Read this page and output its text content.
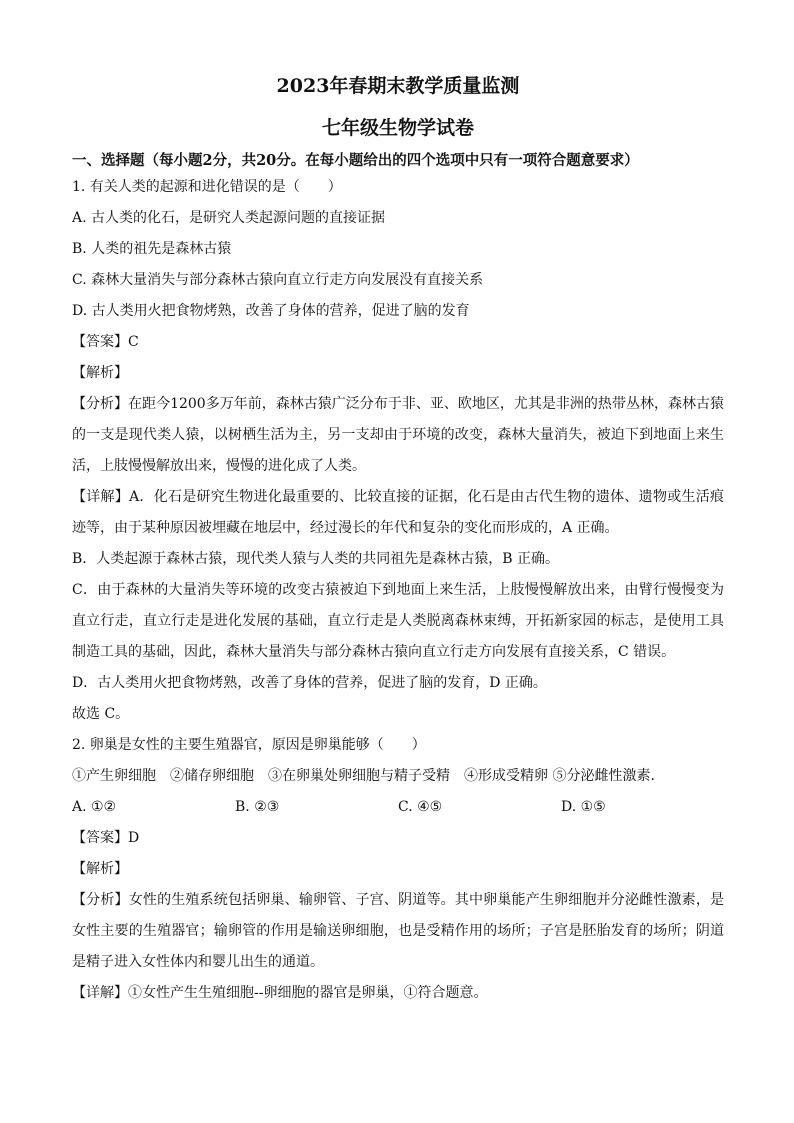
2023年春期末教学质量监测
七年级生物学试卷
一、选择题（每小题2分，共20分。在每小题给出的四个选项中只有一项符合题意要求）
1. 有关人类的起源和进化错误的是（　　）
A. 古人类的化石，是研究人类起源问题的直接证据
B. 人类的祖先是森林古猿
C. 森林大量消失与部分森林古猿向直立行走方向发展没有直接关系
D. 古人类用火把食物烤熟，改善了身体的营养，促进了脑的发育
【答案】C
【解析】
【分析】在距今1200多万年前，森林古猿广泛分布于非、亚、欧地区，尤其是非洲的热带丛林，森林古猿的一支是现代类人猿，以树栖生活为主，另一支却由于环境的改变，森林大量消失，被迫下到地面上来生活，上肢慢慢解放出来，慢慢的进化成了人类。
【详解】A．化石是研究生物进化最重要的、比较直接的证据，化石是由古代生物的遗体、遗物或生活痕迹等，由于某种原因被埋藏在地层中，经过漫长的年代和复杂的变化而形成的，A 正确。
B．人类起源于森林古猿，现代类人猿与人类的共同祖先是森林古猿，B 正确。
C．由于森林的大量消失等环境的改变古猿被迫下到地面上来生活，上肢慢慢解放出来，由臂行慢慢变为直立行走，直立行走是进化发展的基础，直立行走是人类脱离森林束缚，开拓新家园的标志，是使用工具制造工具的基础，因此，森林大量消失与部分森林古猿向直立行走方向发展有直接关系，C 错误。
D．古人类用火把食物烤熟，改善了身体的营养，促进了脑的发育，D 正确。
故选 C。
2. 卵巢是女性的主要生殖器官，原因是卵巢能够（　　）
①产生卵细胞　②储存卵细胞　③在卵巢处卵细胞与精子受精　④形成受精卵 ⑤分泌雌性激素．
A. ①②	B. ②③	C. ④⑤	D. ①⑤
【答案】D
【解析】
【分析】女性的生殖系统包括卵巢、输卵管、子宫、阴道等。其中卵巢能产生卵细胞并分泌雌性激素，是女性主要的生殖器官；输卵管的作用是输送卵细胞，也是受精作用的场所；子宫是胚胎发育的场所；阴道是精子进入女性体内和婴儿出生的通道。
【详解】①女性产生生殖细胞--卵细胞的器官是卵巢，①符合题意。
